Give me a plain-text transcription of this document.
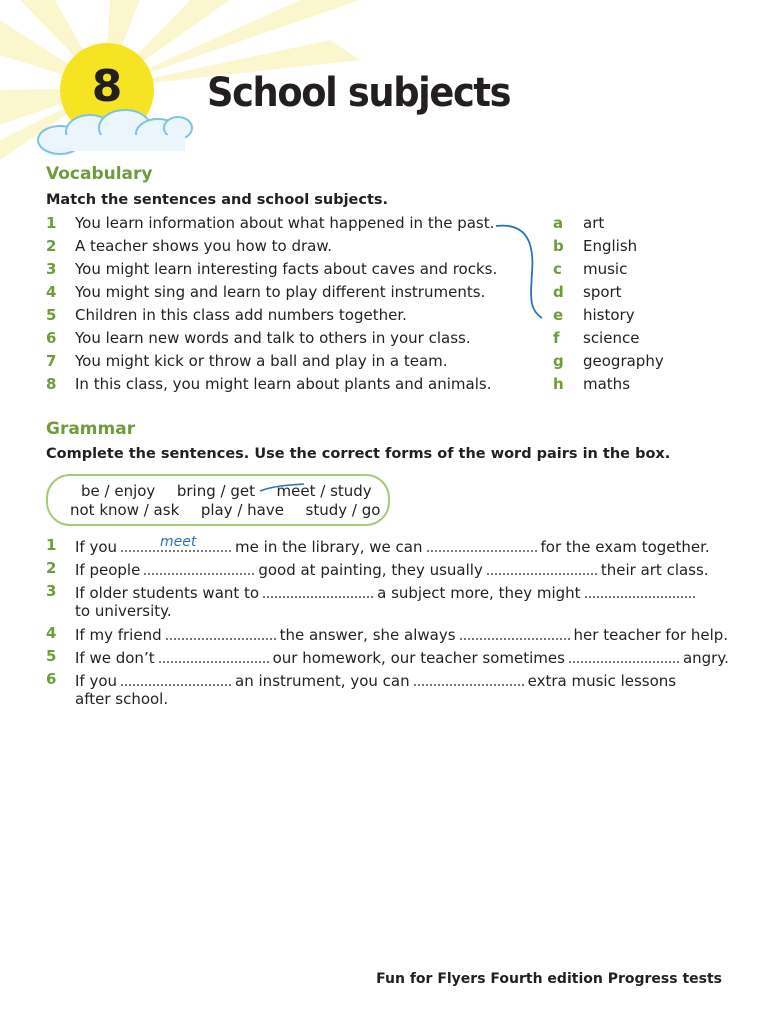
8	School subjects
Vocabulary
Match the sentences and school subjects.
1 You learn information about what happened in the past.	a art
2 A teacher shows you how to draw.	b English
3 You might learn interesting facts about caves and rocks.	c music
4 You might sing and learn to play different instruments.	d sport
5 Children in this class add numbers together.	e history
6 You learn new words and talk to others in your class.	f science
7 You might kick or throw a ball and play in a team.	g geography
8 In this class, you might learn about plants and animals.	h maths
Grammar
Complete the sentences. Use the correct forms of the word pairs in the box.
be / enjoy bring / get meet / study
not know / ask play / have study / go
1 If you	me in the library, we can	for the exam together.
meet
2 If people	good at painting, they usually	their art class.
3 If older students want to	a subject more, they might
to university.
4 If my friend	the answer, she always	her teacher for help.
5 If we don’t	our homework, our teacher sometimes	angry.
6 If you	an instrument, you can	extra music lessons
after school.
Fun for Flyers Fourth edition Progress tests
